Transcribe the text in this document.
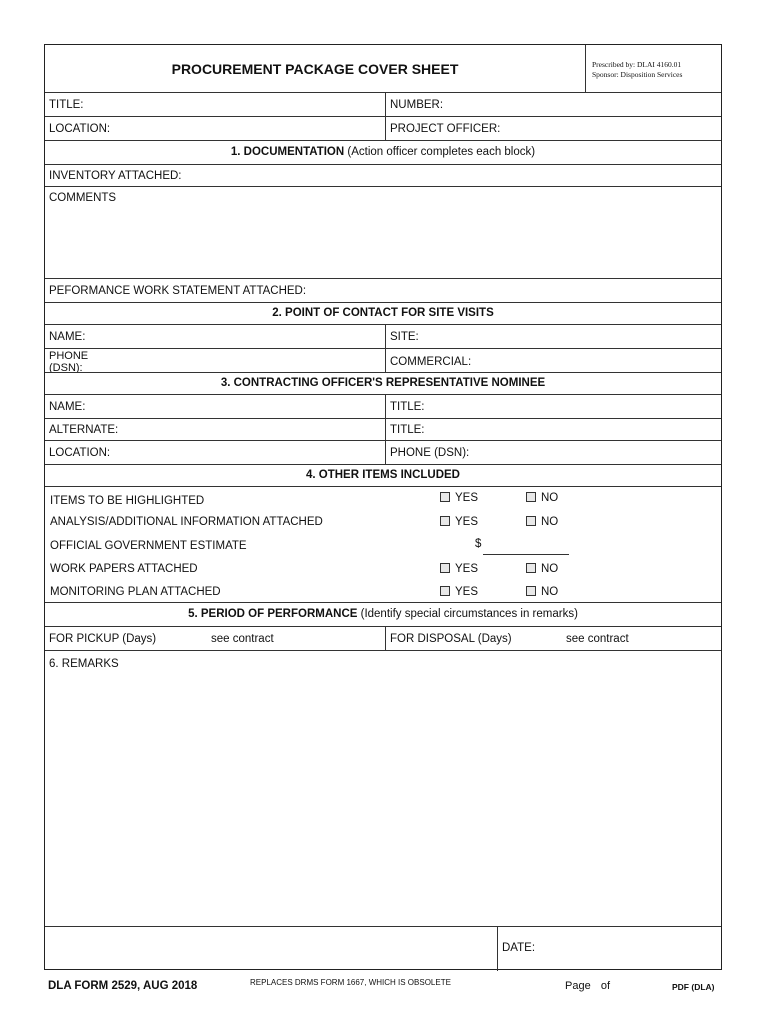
PROCUREMENT PACKAGE COVER SHEET	Prescribed by: DLAI 4160.01
Sponsor: Disposition Services
TITLE:	NUMBER:
LOCATION:	PROJECT OFFICER:
1. DOCUMENTATION (Action officer completes each block)
INVENTORY ATTACHED:
COMMENTS
PEFORMANCE WORK STATEMENT ATTACHED:
2. POINT OF CONTACT FOR SITE VISITS
NAME:	SITE:
PHONE
(DSN):	COMMERCIAL:
3. CONTRACTING OFFICER'S REPRESENTATIVE NOMINEE
NAME:	TITLE:
ALTERNATE:	TITLE:
LOCATION:	PHONE (DSN):
4. OTHER ITEMS INCLUDED
ITEMS TO BE HIGHLIGHTED	YES	NO
ANALYSIS/ADDITIONAL INFORMATION ATTACHED	YES	NO
OFFICIAL GOVERNMENT ESTIMATE	$
WORK PAPERS ATTACHED	YES	NO
MONITORING PLAN ATTACHED	YES	NO
5. PERIOD OF PERFORMANCE (Identify special circumstances in remarks)
FOR PICKUP (Days)	see contract	FOR DISPOSAL (Days)	see contract
6. REMARKS
DATE:
DLA FORM 2529, AUG 2018	REPLACES DRMS FORM 1667, WHICH IS OBSOLETE	Page of	PDF (DLA)
